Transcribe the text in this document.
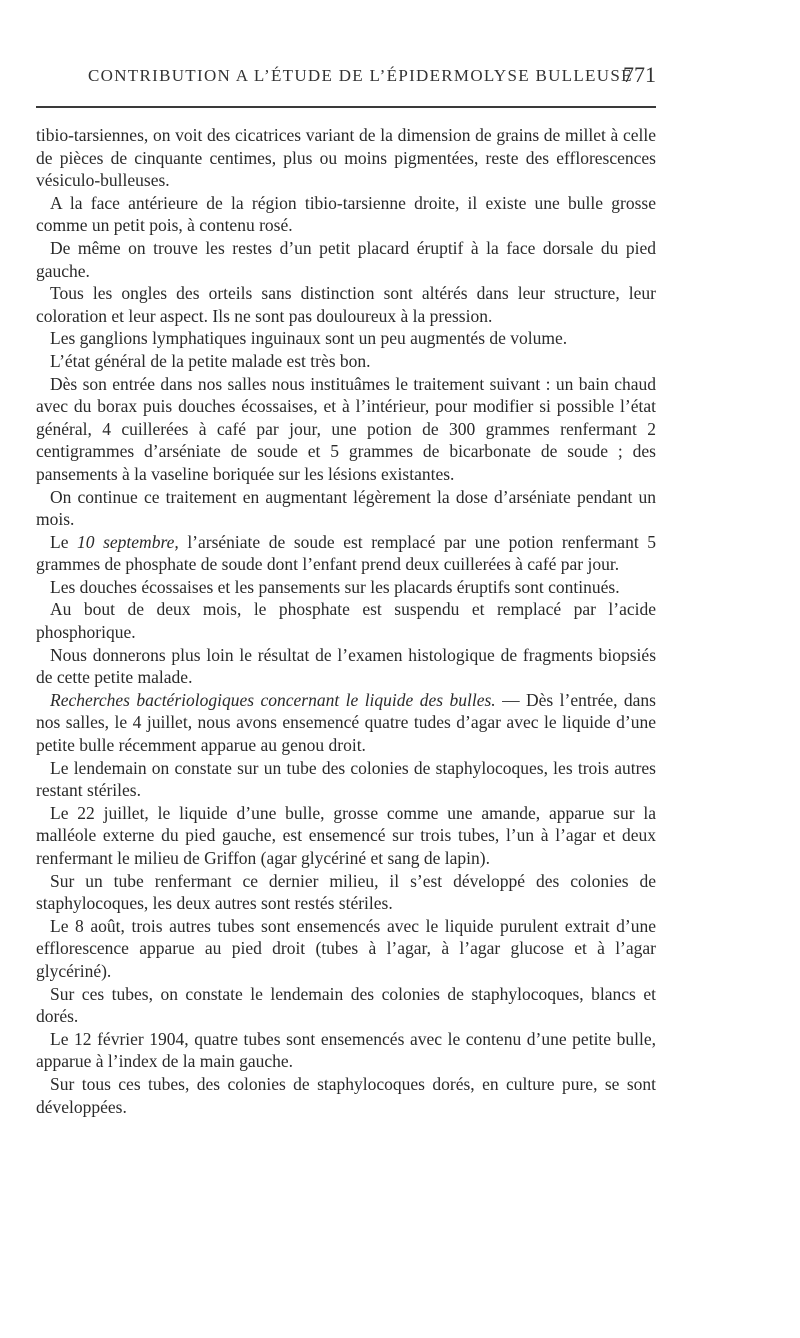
CONTRIBUTION A L’ÉTUDE DE L’ÉPIDERMOLYSE BULLEUSE
771

tibio-tarsiennes, on voit des cicatrices variant de la dimension de grains de millet à celle de pièces de cinquante centimes, plus ou moins pigmentées, reste des efflorescences vésiculo-bulleuses.

A la face antérieure de la région tibio-tarsienne droite, il existe une bulle grosse comme un petit pois, à contenu rosé.

De même on trouve les restes d’un petit placard éruptif à la face dorsale du pied gauche.

Tous les ongles des orteils sans distinction sont altérés dans leur structure, leur coloration et leur aspect. Ils ne sont pas douloureux à la pression.

Les ganglions lymphatiques inguinaux sont un peu augmentés de volume.

L’état général de la petite malade est très bon.

Dès son entrée dans nos salles nous instituâmes le traitement suivant : un bain chaud avec du borax puis douches écossaises, et à l’intérieur, pour modifier si possible l’état général, 4 cuillerées à café par jour, une potion de 300 grammes renfermant 2 centigrammes d’arséniate de soude et 5 grammes de bicarbonate de soude ; des pansements à la vaseline boriquée sur les lésions existantes.

On continue ce traitement en augmentant légèrement la dose d’arséniate pendant un mois.

Le 10 septembre, l’arséniate de soude est remplacé par une potion renfermant 5 grammes de phosphate de soude dont l’enfant prend deux cuillerées à café par jour.

Les douches écossaises et les pansements sur les placards éruptifs sont continués.

Au bout de deux mois, le phosphate est suspendu et remplacé par l’acide phosphorique.

Nous donnerons plus loin le résultat de l’examen histologique de fragments biopsiés de cette petite malade.

Recherches bactériologiques concernant le liquide des bulles. — Dès l’entrée, dans nos salles, le 4 juillet, nous avons ensemencé quatre tudes d’agar avec le liquide d’une petite bulle récemment apparue au genou droit.

Le lendemain on constate sur un tube des colonies de staphylocoques, les trois autres restant stériles.

Le 22 juillet, le liquide d’une bulle, grosse comme une amande, apparue sur la malléole externe du pied gauche, est ensemencé sur trois tubes, l’un à l’agar et deux renfermant le milieu de Griffon (agar glycériné et sang de lapin).

Sur un tube renfermant ce dernier milieu, il s’est développé des colonies de staphylocoques, les deux autres sont restés stériles.

Le 8 août, trois autres tubes sont ensemencés avec le liquide purulent extrait d’une efflorescence apparue au pied droit (tubes à l’agar, à l’agar glucose et à l’agar glycériné).

Sur ces tubes, on constate le lendemain des colonies de staphylocoques, blancs et dorés.

Le 12 février 1904, quatre tubes sont ensemencés avec le contenu d’une petite bulle, apparue à l’index de la main gauche.

Sur tous ces tubes, des colonies de staphylocoques dorés, en culture pure, se sont développées.
